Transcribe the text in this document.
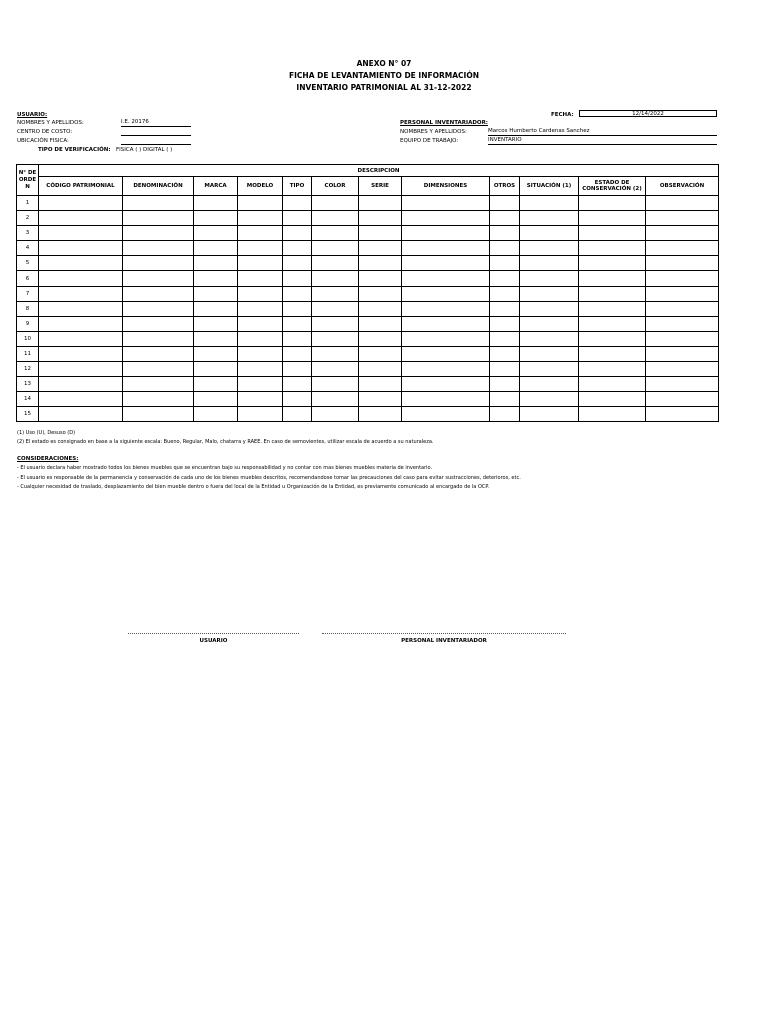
ANEXO N° 07
FICHA DE LEVANTAMIENTO DE INFORMACIÓN
INVENTARIO PATRIMONIAL AL 31-12-2022
USUARIO:
NOMBRES Y APELLIDOS:	I.E. 20176
CENTRO DE COSTO:
UBICACIÓN FISICA:
TIPO DE VERIFICACIÓN: FISICA ( ) DIGITAL ( )
FECHA:	12/14/2022
PERSONAL INVENTARIADOR:
NOMBRES Y APELLIDOS:	Marcos Humberto Cardenas Sanchez
EQUIPO DE TRABAJO:	INVENTARIO
N° DE ORDE N	DESCRIPCION											
	CÓDIGO PATRIMONIAL	DENOMINACIÓN	MARCA	MODELO	TIPO	COLOR	SERIE	DIMENSIONES	OTROS	SITUACIÓN (1)	ESTADO DE CONSERVACIÓN (2)	OBSERVACIÓN
1												
2												
3												
4												
5												
6												
7												
8												
9												
10												
11												
12												
13												
14												
15												
(1) Uso (U), Desuso (D)
(2) El estado es consignado en base a la siguiente escala: Bueno, Regular, Malo, chatarra y RAEE. En caso de semovientes, utilizar escala de acuerdo a su naturaleza.
CONSIDERACIONES:
- El usuario declara haber mostrado todos los bienes muebles que se encuentran bajo su responsabilidad y no contar con mas bienes muebles materia de inventario.
- El usuario es responsable de la permanencia y conservación de cada uno de los bienes muebles descritos, recomendandose tomar las precauciones del caso para evitar sustracciones, deterioros, etc.
- Cualquier necesidad de traslado, desplazamiento del bien mueble dentro o fuera del local de la Entidad u Organización de la Entidad, es previamente comunicado al encargado de la OCP.
USUARIO	PERSONAL INVENTARIADOR
